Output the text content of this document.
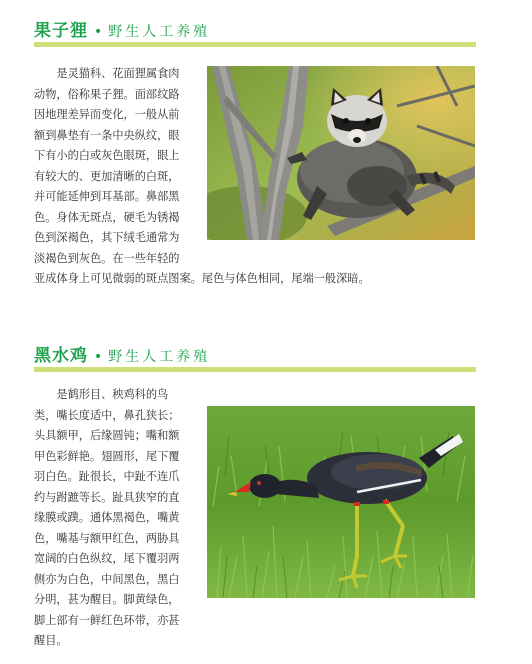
果子狸 • 野生人工养殖
是灵猫科、花面狸属食肉
动物，俗称果子狸。面部纹路
因地理差异而变化，一般从前
额到鼻垫有一条中央纵纹，眼
下有小的白或灰色眼斑，眼上
有较大的、更加清晰的白斑，
并可能延伸到耳基部。鼻部黑
色。身体无斑点，硬毛为锈褐
色到深褐色，其下绒毛通常为
淡褐色到灰色。在一些年轻的
亚成体身上可见微弱的斑点图案。尾色与体色相同，尾端一般深暗。
黑水鸡 • 野生人工养殖
是鹤形目、秧鸡科的鸟
类，嘴长度适中，鼻孔狭长；
头具额甲，后缘圆钝；嘴和额
甲色彩鲜艳。翅圆形，尾下覆
羽白色。趾很长，中趾不连爪
约与跗蹠等长。趾具狭窄的直
缘膜或蹼。通体黑褐色，嘴黄
色，嘴基与额甲红色，两胁具
宽阔的白色纵纹，尾下覆羽两
侧亦为白色，中间黑色，黑白
分明，甚为醒目。脚黄绿色，
脚上部有一鲜红色环带，亦甚
醒目。
